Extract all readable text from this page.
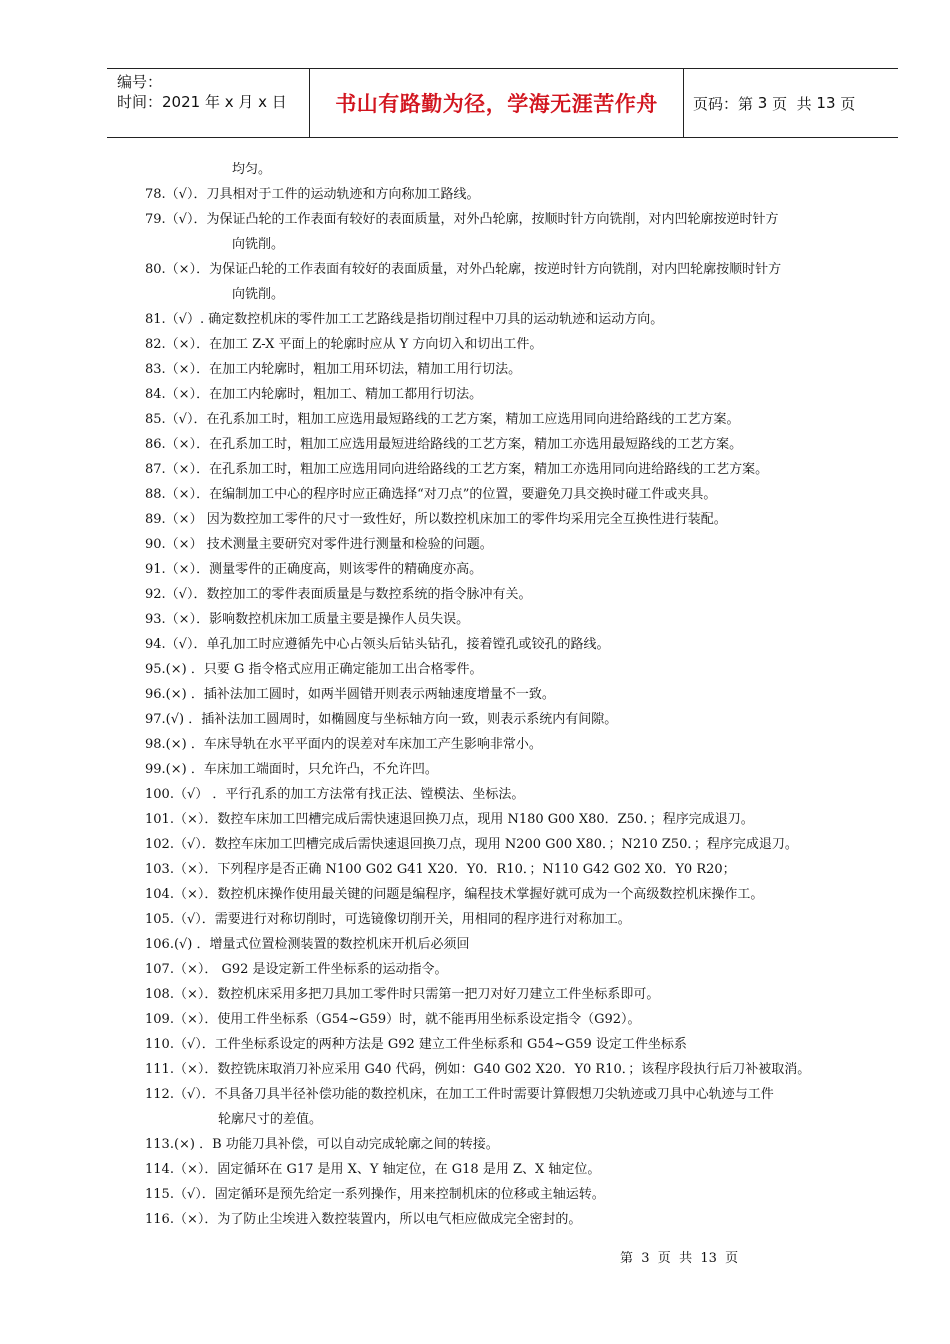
编号：
时间：2021 年 x 月 x 日	书山有路勤为径，学海无涯苦作舟	页码：第 3 页  共 13 页
均匀。
78.（√）．刀具相对于工件的运动轨迹和方向称加工路线。
79.（√）．为保证凸轮的工作表面有较好的表面质量，对外凸轮廓，按顺时针方向铣削，对内凹轮廓按逆时针方
向铣削。
80.（×）．为保证凸轮的工作表面有较好的表面质量，对外凸轮廓，按逆时针方向铣削，对内凹轮廓按顺时针方
向铣削。
81.（√）. 确定数控机床的零件加工工艺路线是指切削过程中刀具的运动轨迹和运动方向。
82.（×）．在加工 Z-X 平面上的轮廓时应从 Y 方向切入和切出工件。
83.（×）．在加工内轮廓时，粗加工用环切法，精加工用行切法。
84.（×）．在加工内轮廓时，粗加工、精加工都用行切法。
85.（√）．在孔系加工时，粗加工应选用最短路线的工艺方案，精加工应选用同向进给路线的工艺方案。
86.（×）．在孔系加工时，粗加工应选用最短进给路线的工艺方案，精加工亦选用最短路线的工艺方案。
87.（×）．在孔系加工时，粗加工应选用同向进给路线的工艺方案，精加工亦选用同向进给路线的工艺方案。
88.（×）．在编制加工中心的程序时应正确选择“对刀点”的位置，要避免刀具交换时碰工件或夹具。
89.（×） 因为数控加工零件的尺寸一致性好，所以数控机床加工的零件均采用完全互换性进行装配。
90.（×） 技术测量主要研究对零件进行测量和检验的问题。
91.（×）．测量零件的正确度高，则该零件的精确度亦高。
92.（√）．数控加工的零件表面质量是与数控系统的指令脉冲有关。
93.（×）．影响数控机床加工质量主要是操作人员失误。
94.（√）．单孔加工时应遵循先中心占领头后钻头钻孔，接着镗孔或铰孔的路线。
95.(×) ．只要 G 指令格式应用正确定能加工出合格零件。
96.(×) ．插补法加工圆时，如两半圆错开则表示两轴速度增量不一致。
97.(√) ．插补法加工圆周时，如椭圆度与坐标轴方向一致，则表示系统内有间隙。
98.(×) ．车床导轨在水平平面内的误差对车床加工产生影响非常小。
99.(×) ．车床加工端面时，只允许凸，不允许凹。
100.（√） ．平行孔系的加工方法常有找正法、镗模法、坐标法。
101.（×）．数控车床加工凹槽完成后需快速退回换刀点，现用 N180 G00 X80．Z50．；程序完成退刀。
102.（√）．数控车床加工凹槽完成后需快速退回换刀点，现用 N200 G00 X80．；N210 Z50．；程序完成退刀。
103.（×）．下列程序是否正确 N100 G02 G41 X20．Y0．R10．；N110 G42 G02 X0．Y0 R20；
104.（×）．数控机床操作使用最关键的问题是编程序，编程技术掌握好就可成为一个高级数控机床操作工。
105.（√）．需要进行对称切削时，可选镜像切削开关，用相同的程序进行对称加工。
106.(√) ．增量式位置检测装置的数控机床开机后必须回
107.（×）． G92 是设定新工件坐标系的运动指令。
108.（×）．数控机床采用多把刀具加工零件时只需第一把刀对好刀建立工件坐标系即可。
109.（×）．使用工件坐标系（G54~G59）时，就不能再用坐标系设定指令（G92）。
110.（√）．工件坐标系设定的两种方法是 G92 建立工件坐标系和 G54~G59 设定工件坐标系
111.（×）．数控铣床取消刀补应采用 G40 代码，例如：G40 G02 X20．Y0 R10．；该程序段执行后刀补被取消。
112.（√）．不具备刀具半径补偿功能的数控机床，在加工工件时需要计算假想刀尖轨迹或刀具中心轨迹与工件
轮廓尺寸的差值。
113.(×) ．B 功能刀具补偿，可以自动完成轮廓之间的转接。
114.（×）．固定循环在 G17 是用 X、Y 轴定位，在 G18 是用 Z、X 轴定位。
115.（√）．固定循环是预先给定一系列操作，用来控制机床的位移或主轴运转。
116.（×）．为了防止尘埃进入数控装置内，所以电气柜应做成完全密封的。
第  3  页  共  13  页
